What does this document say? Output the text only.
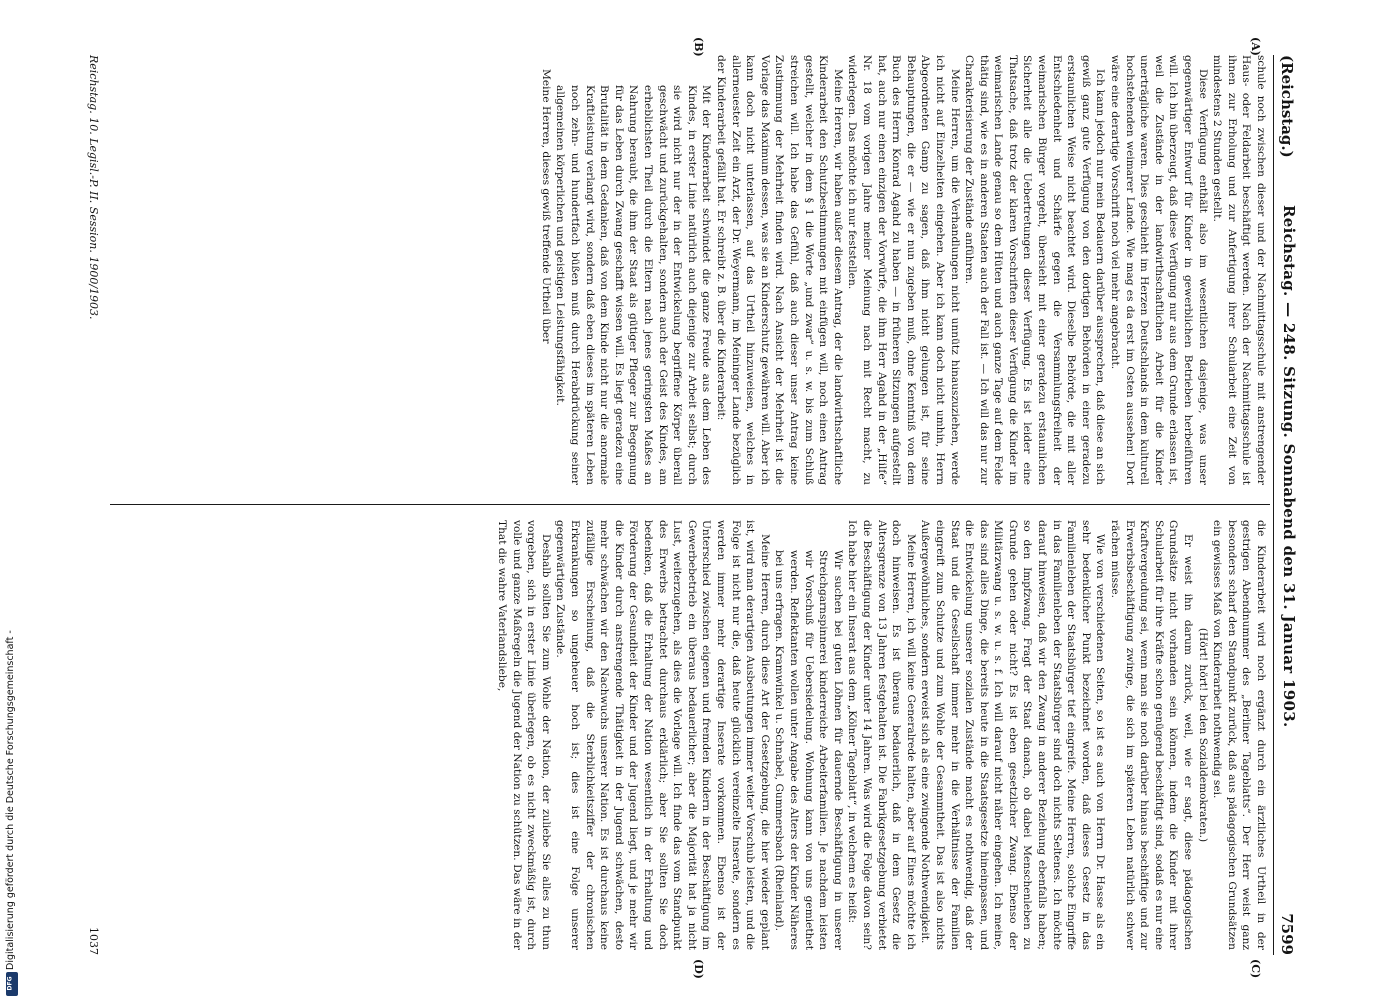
Digitalisierung gefördert durch die Deutsche Forschungsgemeinschaft -
DFG
(Reichstag.)
Reichstag. — 248. Sitzung. Sonnabend den 31. Januar 1903.
7599
(A)
(B)
(C)
(D)

schule noch zwischen dieser und der Nachmittagsschule mit anstrengender Haus- oder Feldarbeit beschäftigt werden. Nach der Nachmittagsschule ist ihnen zur Erholung und zur Anfertigung ihrer Schularbeit eine Zeit von mindestens 2 Stunden gestellt.

Diese Verfügung enthält also im wesentlichen dasjenige, was unser gegenwärtiger Entwurf für Kinder in gewerblichen Betrieben herbeiführen will. Ich bin überzeugt, daß diese Verfügung nur aus dem Grunde erlassen ist, weil die Zustände in der landwirthschaftlichen Arbeit für die Kinder unerträgliche waren. Dies geschieht im Herzen Deutschlands in dem kulturell hochstehenden weimarer Lande. Wie mag es da erst im Osten aussehen! Dort wäre eine derartige Vorschrift noch viel mehr angebracht.

Ich kann jedoch nur mein Bedauern darüber aussprechen, daß diese an sich gewiß ganz gute Verfügung von den dortigen Behörden in einer geradezu erstaunlichen Weise nicht beachtet wird. Dieselbe Behörde, die mit aller Entschiedenheit und Schärfe gegen die Versammlungsfreiheit der weimarischen Bürger vorgeht, übersieht mit einer geradezu erstaunlichen Sicherheit alle die Uebertretungen dieser Verfügung. Es ist leider eine Thatsache, daß trotz der klaren Vorschriften dieser Verfügung die Kinder im weimarischen Lande genau so dem Hüten und auch ganze Tage auf dem Felde thätig sind, wie es in anderen Staaten auch der Fall ist. — Ich will das nur zur Charakterisierung der Zustände anführen.

Meine Herren, um die Verhandlungen nicht unnütz hinauszuziehen, werde ich nicht auf Einzelheiten eingehen. Aber ich kann doch nicht umhin, Herrn Abgeordneten Gamp zu sagen, daß ihm nicht gelungen ist, für seine Behauptungen, die er — wie er nun zugeben muß, ohne Kenntniß von dem Buch des Herrn Konrad Agahd zu haben — in früheren Sitzungen aufgestellt hat, auch nur einen einzigen der Vorwürfe, die ihm Herr Agahd in der „Hilfe“ Nr. 18 vom vorigen Jahre meiner Meinung nach mit Recht macht, zu widerlegen. Das möchte ich nur feststellen.

Meine Herren, wir haben außer diesem Antrag, der die landwirthschaftliche Kinderarbeit den Schutzbestimmungen mit einfügen will, noch einen Antrag gestellt, welcher in dem § 1 die Worte „und zwar“ u. s. w. bis zum Schluß streichen will. Ich habe das Gefühl, daß auch dieser unser Antrag keine Zustimmung der Mehrheit finden wird. Nach Ansicht der Mehrheit ist die Vorlage das Maximum dessen, was sie an Kinderschutz gewähren will. Aber ich kann doch nicht unterlassen, auf das Urtheil hinzuweisen, welches in allerneuester Zeit ein Arzt, der Dr. Weyermann, im Meininger Lande bezüglich der Kinderarbeit gefällt hat. Er schreibt z. B. über die Kinderarbeit:

Mit der Kinderarbeit schwindet die ganze Freude aus dem Leben des Kindes, in erster Linie natürlich auch diejenige zur Arbeit selbst; durch sie wird nicht nur der in der Entwickelung begriffene Körper überall geschwächt und zurückgehalten, sondern auch der Geist des Kindes, am erheblichsten Theil durch die Eltern nach jenes geringsten Maßes an Nahrung beraubt, die ihm der Staat als gütiger Pfleger zur Begegnung für das Leben durch Zwang geschafft wissen will. Es liegt geradezu eine Brutalität in dem Gedanken, daß von dem Kinde nicht nur die anormale Kraftleistung verlangt wird, sondern daß eben dieses im späteren Leben noch zehn- und hundertfach büßen muß durch Herabdrückung seiner allgemeinen körperlichen und geistigen Leistungsfähigkeit.

Meine Herren, dieses gewiß treffende Urtheil über

die Kinderarbeit wird noch ergänzt durch ein ärztliches Urtheil in der gestrigen Abendnummer des „Berliner Tageblatts“. Der Herr weist ganz besonders scharf den Standpunkt zurück, daß aus pädagogischen Grundsätzen ein gewisses Maß von Kinderarbeit nothwendig sei.

(Hört! hört! bei den Sozialdemokraten.)

Er weist ihn darum zurück, weil, wie er sagt, diese pädagogischen Grundsätze nicht vorhanden sein können, indem die Kinder mit ihrer Schularbeit für ihre Kräfte schon genügend beschäftigt sind, sodaß es nur eine Kraftvergeudung sei, wenn man sie noch darüber hinaus beschäftige und zur Erwerbsbeschäftigung zwinge, die sich im späteren Leben natürlich schwer rächen müsse.

Wie von verschiedenen Seiten, so ist es auch von Herrn Dr. Hasse als ein sehr bedenklicher Punkt bezeichnet worden, daß dieses Gesetz in das Familienleben der Staatsbürger tief eingreife. Meine Herren, solche Eingriffe in das Familienleben der Staatsbürger sind doch nichts Seltenes. Ich möchte darauf hinweisen, daß wir den Zwang in anderer Beziehung ebenfalls haben; so den Impfzwang. Fragt der Staat danach, ob dabei Menschenleben zu Grunde gehen oder nicht? Es ist eben gesetzlicher Zwang. Ebenso der Militärzwang u. s. w. u. s. f. Ich will darauf nicht näher eingehen. Ich meine, das sind alles Dinge, die bereits heute in die Staatsgesetze hineinpassen, und die Entwickelung unserer sozialen Zustände macht es nothwendig, daß der Staat und die Gesellschaft immer mehr in die Verhältnisse der Familien eingreift zum Schutze und zum Wohle der Gesammtheit. Das ist also nichts Außergewöhnliches, sondern erweist sich als eine zwingende Nothwendigkeit.

Meine Herren, ich will keine Generalrede halten, aber auf Eines möchte ich doch hinweisen. Es ist überaus bedauerlich, daß in dem Gesetz die Altersgrenze von 13 Jahren festgehalten ist. Die Fabrikgesetzgebung verbietet die Beschäftigung der Kinder unter 14 Jahren. Was wird die Folge davon sein? Ich habe hier ein Inserat aus dem „Kölner Tageblatt“, in welchem es heißt:

Wir suchen bei guten Löhnen für dauernde Beschäftigung in unserer Streichgarnspinnerei kinderreiche Arbeiterfamilien. Je nachdem leisten wir Vorschuß für Uebersiedelung. Wohnung kann von uns gemiethet werden. Reflektanten wollen unter Angabe des Alters der Kinder Näheres bei uns erfragen. Kramwinkel u. Schnabel, Gummersbach (Rheinland).

Meine Herren, durch diese Art der Gesetzgebung, die hier wieder geplant ist, wird man derartigen Ausbeutungen immer weiter Vorschub leisten, und die Folge ist nicht nur die, daß heute glücklich vereinzelte Inserate, sondern es werden immer mehr derartige Inserate vorkommen. Ebenso ist der Unterschied zwischen eigenen und fremden Kindern in der Beschäftigung im Gewerbebetrieb ein überaus bedauerlicher; aber die Majorität hat ja nicht Lust, weiterzugehen, als dies die Vorlage will. Ich finde das vom Standpunkt des Erwerbs betrachtet durchaus erklärlich; aber Sie sollten Sie doch bedenken, daß die Erhaltung der Nation wesentlich in der Erhaltung und Förderung der Gesundheit der Kinder und der Jugend liegt, und je mehr wir die Kinder durch anstrengende Thätigkeit in der Jugend schwächen, desto mehr schwächen wir den Nachwuchs unserer Nation. Es ist durchaus keine zufällige Erscheinung, daß die Sterblichkeitsziffer der chronischen Erkrankungen so ungeheuer hoch ist; dies ist eine Folge unserer gegenwärtigen Zustände.

Deshalb sollten Sie zum Wohle der Nation, der zuliebe Sie alles zu thun vorgeben, sich in erster Linie überlegen, ob es nicht zweckmäßig ist, durch volle und ganze Maßregeln die Jugend der Nation zu schützen. Das wäre in der That die wahre Vaterlandsliebe,

Reichstag. 10. Legisl.-P. II. Session. 1900/1903.
1037
